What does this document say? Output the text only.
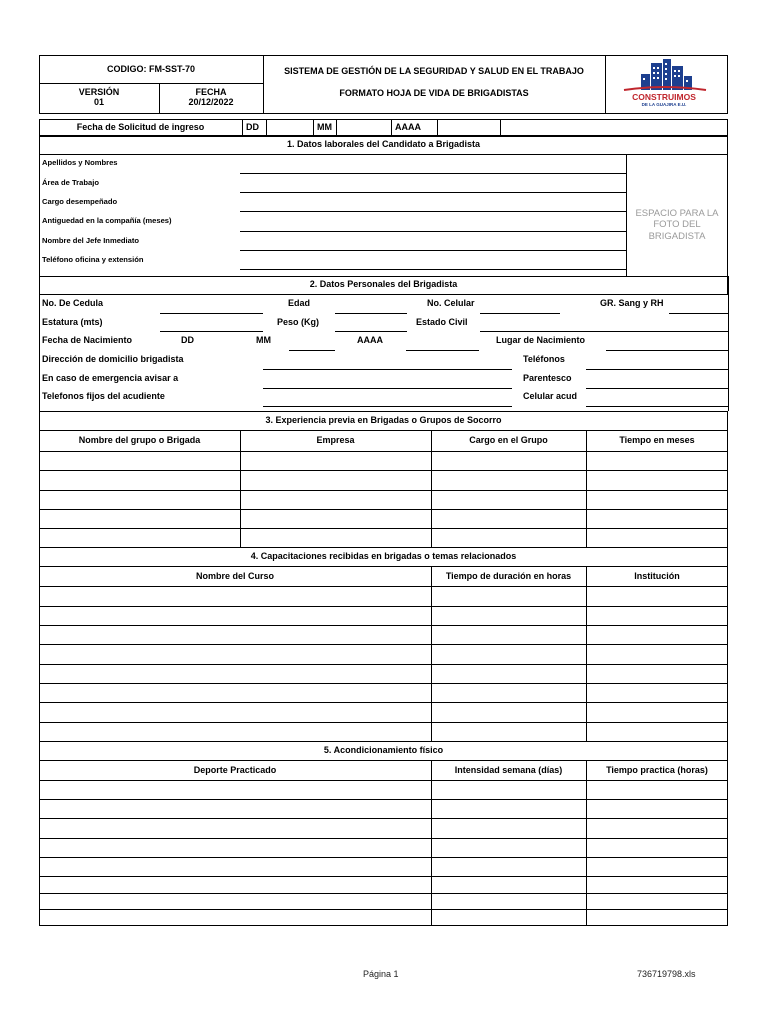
CODIGO: FM-SST-70
VERSIÓN
01
FECHA
20/12/2022
SISTEMA DE GESTIÓN DE LA SEGURIDAD Y SALUD EN EL TRABAJO
FORMATO HOJA DE VIDA DE BRIGADISTAS	CONSTRUIMOS
DE LA GUAJIRA E.U.
Fecha de Solicitud de ingreso	DD	MM	AAAA
1. Datos laborales del Candidato a Brigadista
Apellidos y Nombres
Área de Trabajo
Cargo desempeñado
Antiguedad en la compañía (meses)
Nombre del Jefe Inmediato
Teléfono oficina y extensión
ESPACIO PARA LA FOTO DEL BRIGADISTA
2. Datos Personales del Brigadista
No. De Cedula	Edad	No. Celular	GR. Sang y RH
Estatura (mts)	Peso (Kg)	Estado Civil
Fecha de Nacimiento	DD	MM	AAAA	Lugar de Nacimiento
Dirección de domicilio brigadista	Teléfonos
En caso de emergencia avisar a	Parentesco
Telefonos fijos del acudiente	Celular acud
3. Experiencia previa en Brigadas o Grupos de Socorro
Nombre del grupo o Brigada	Empresa	Cargo en el Grupo	Tiempo en meses
4. Capacitaciones recibidas en brigadas o temas relacionados
Nombre del Curso	Tiempo de duración en horas	Institución
5. Acondicionamiento físico
Deporte Practicado	Intensidad semana (días)	Tiempo practica (horas)
Página 1	736719798.xls
